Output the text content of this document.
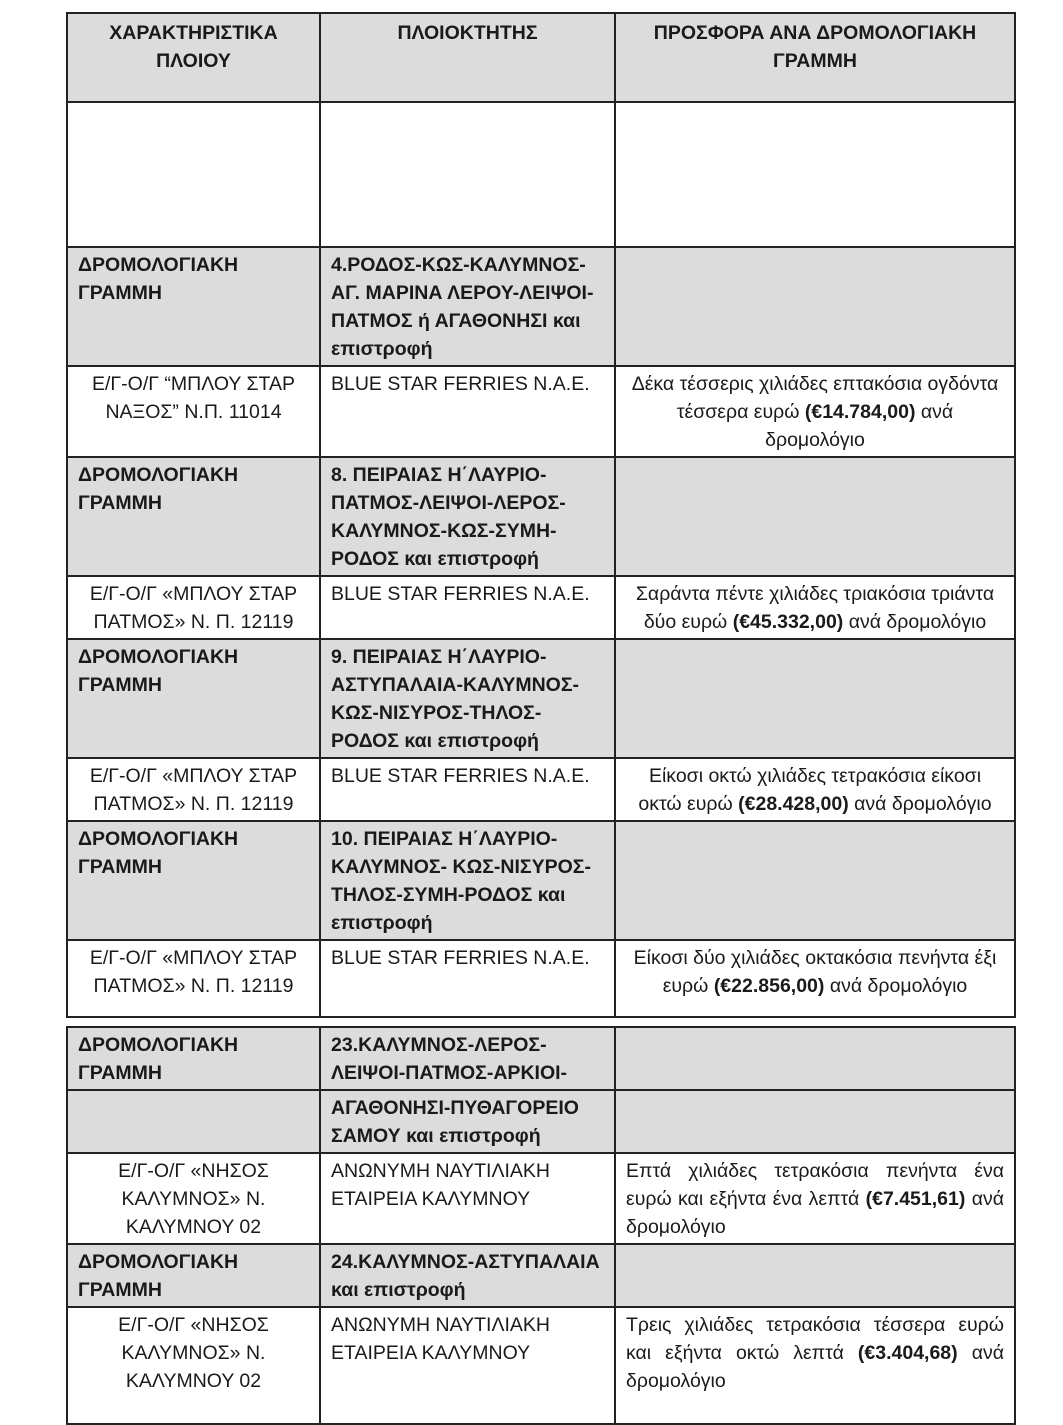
ΧΑΡΑΚΤΗΡΙΣΤΙΚΑ ΠΛΟΙΟΥ	ΠΛΟΙΟΚΤΗΤΗΣ	ΠΡΟΣΦΟΡΑ ΑΝΑ ΔΡΟΜΟΛΟΓΙΑΚΗ ΓΡΑΜΜΗ

ΔΡΟΜΟΛΟΓΙΑΚΗ ΓΡΑΜΜΗ	4.ΡΟΔΟΣ-ΚΩΣ-ΚΑΛΥΜΝΟΣ-ΑΓ. ΜΑΡΙΝΑ ΛΕΡΟΥ-ΛΕΙΨΟΙ-ΠΑΤΜΟΣ ή ΑΓΑΘΟΝΗΣΙ και επιστροφή	
Ε/Γ-Ο/Γ “ΜΠΛΟΥ ΣΤΑΡ ΝΑΞΟΣ” Ν.Π. 11014	BLUE STAR FERRIES N.A.E.	Δέκα τέσσερις χιλιάδες επτακόσια ογδόντα τέσσερα ευρώ (€14.784,00) ανά δρομολόγιο
ΔΡΟΜΟΛΟΓΙΑΚΗ ΓΡΑΜΜΗ	8. ΠΕΙΡΑΙΑΣ Η΄ΛΑΥΡΙΟ-ΠΑΤΜΟΣ-ΛΕΙΨΟΙ-ΛΕΡΟΣ-ΚΑΛΥΜΝΟΣ-ΚΩΣ-ΣΥΜΗ-ΡΟΔΟΣ και επιστροφή	
Ε/Γ-Ο/Γ «ΜΠΛΟΥ ΣΤΑΡ ΠΑΤΜΟΣ» Ν. Π. 12119	BLUE STAR FERRIES N.A.E.	Σαράντα πέντε χιλιάδες τριακόσια τριάντα δύο ευρώ (€45.332,00) ανά δρομολόγιο
ΔΡΟΜΟΛΟΓΙΑΚΗ ΓΡΑΜΜΗ	9. ΠΕΙΡΑΙΑΣ Η΄ΛΑΥΡΙΟ-ΑΣΤΥΠΑΛΑΙΑ-ΚΑΛΥΜΝΟΣ-ΚΩΣ-ΝΙΣΥΡΟΣ-ΤΗΛΟΣ-ΡΟΔΟΣ και επιστροφή	
Ε/Γ-Ο/Γ «ΜΠΛΟΥ ΣΤΑΡ ΠΑΤΜΟΣ» Ν. Π. 12119	BLUE STAR FERRIES N.A.E.	Είκοσι οκτώ χιλιάδες τετρακόσια είκοσι οκτώ ευρώ (€28.428,00) ανά δρομολόγιο
ΔΡΟΜΟΛΟΓΙΑΚΗ ΓΡΑΜΜΗ	10. ΠΕΙΡΑΙΑΣ Η΄ΛΑΥΡΙΟ-ΚΑΛΥΜΝΟΣ- ΚΩΣ-ΝΙΣΥΡΟΣ-ΤΗΛΟΣ-ΣΥΜΗ-ΡΟΔΟΣ και επιστροφή	
Ε/Γ-Ο/Γ «ΜΠΛΟΥ ΣΤΑΡ ΠΑΤΜΟΣ» Ν. Π. 12119	BLUE STAR FERRIES N.A.E.	Είκοσι δύο χιλιάδες οκτακόσια πενήντα έξι ευρώ (€22.856,00) ανά δρομολόγιο
ΔΡΟΜΟΛΟΓΙΑΚΗ ΓΡΑΜΜΗ	23.ΚΑΛΥΜΝΟΣ-ΛΕΡΟΣ-ΛΕΙΨΟΙ-ΠΑΤΜΟΣ-ΑΡΚΙΟΙ-	
	ΑΓΑΘΟΝΗΣΙ-ΠΥΘΑΓΟΡΕΙΟ ΣΑΜΟΥ και επιστροφή	
Ε/Γ-Ο/Γ «ΝΗΣΟΣ ΚΑΛΥΜΝΟΣ» Ν. ΚΑΛΥΜΝΟΥ 02	ΑΝΩΝΥΜΗ ΝΑΥΤΙΛΙΑΚΗ ΕΤΑΙΡΕΙΑ ΚΑΛΥΜΝΟΥ	Επτά χιλιάδες τετρακόσια πενήντα ένα ευρώ και εξήντα ένα λεπτά (€7.451,61) ανά δρομολόγιο
ΔΡΟΜΟΛΟΓΙΑΚΗ ΓΡΑΜΜΗ	24.ΚΑΛΥΜΝΟΣ-ΑΣΤΥΠΑΛΑΙΑ και επιστροφή	
Ε/Γ-Ο/Γ «ΝΗΣΟΣ ΚΑΛΥΜΝΟΣ» Ν. ΚΑΛΥΜΝΟΥ 02	ΑΝΩΝΥΜΗ ΝΑΥΤΙΛΙΑΚΗ ΕΤΑΙΡΕΙΑ ΚΑΛΥΜΝΟΥ	Τρεις χιλιάδες τετρακόσια τέσσερα ευρώ και εξήντα οκτώ λεπτά (€3.404,68) ανά δρομολόγιο
